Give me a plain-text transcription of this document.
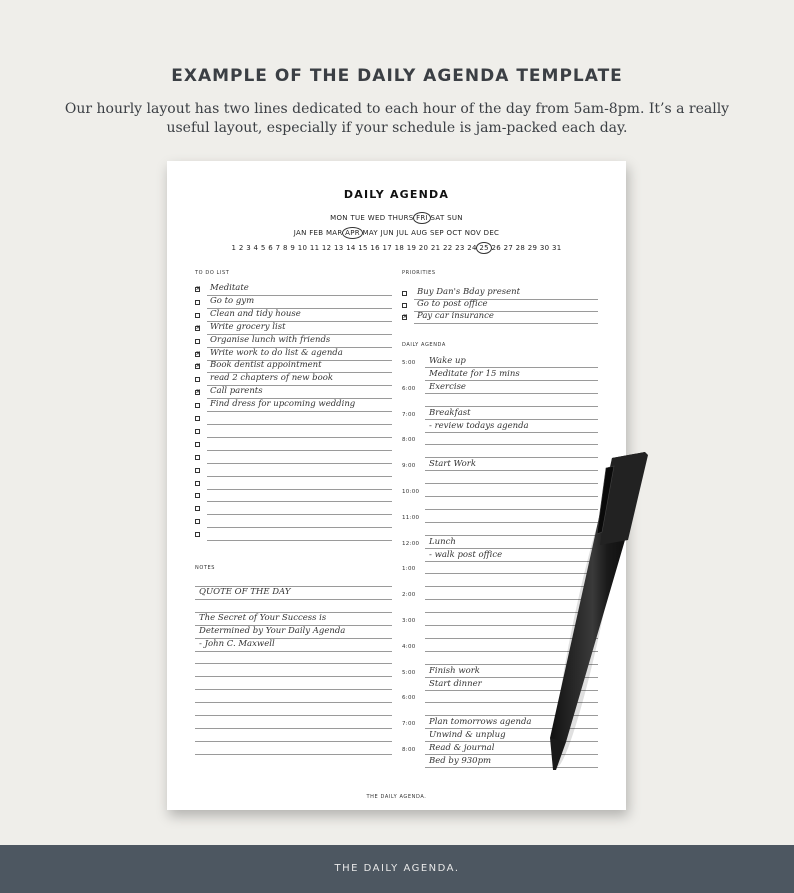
EXAMPLE OF THE DAILY AGENDA TEMPLATE
Our hourly layout has two lines dedicated to each hour of the day from 5am-8pm. It’s a really useful layout, especially if your schedule is jam-packed each day.
DAILY AGENDA
MON TUE WED THURS FRI SAT SUN
JAN FEB MAR APR MAY JUN JUL AUG SEP OCT NOV DEC
1 2 3 4 5 6 7 8 9 10 11 12 13 14 15 16 17 18 19 20 21 22 23 24 25 26 27 28 29 30 31
TO DO LIST
x
Meditate
Go to gym
Clean and tidy house
x
Write grocery list
Organise lunch with friends
x
Write work to do list & agenda
x
Book dentist appointment
read 2 chapters of new book
x
Call parents
Find dress for upcoming wedding
NOTES
QUOTE OF THE DAY
The Secret of Your Success is
Determined by Your Daily Agenda
- John C. Maxwell
PRIORITIES
Buy Dan's Bday present
Go to post office
x
Pay car insurance
DAILY AGENDA
5:00 Wake up
Meditate for 15 mins
6:00 Exercise
7:00 Breakfast
- review todays agenda
8:00
9:00 Start Work
10:00
11:00
12:00 Lunch
- walk post office
1:00
2:00
3:00
4:00
5:00 Finish work
Start dinner
6:00
7:00 Plan tomorrows agenda
Unwind & unplug
8:00 Read & journal
Bed by 930pm
THE DAILY AGENDA.
THE DAILY AGENDA.
